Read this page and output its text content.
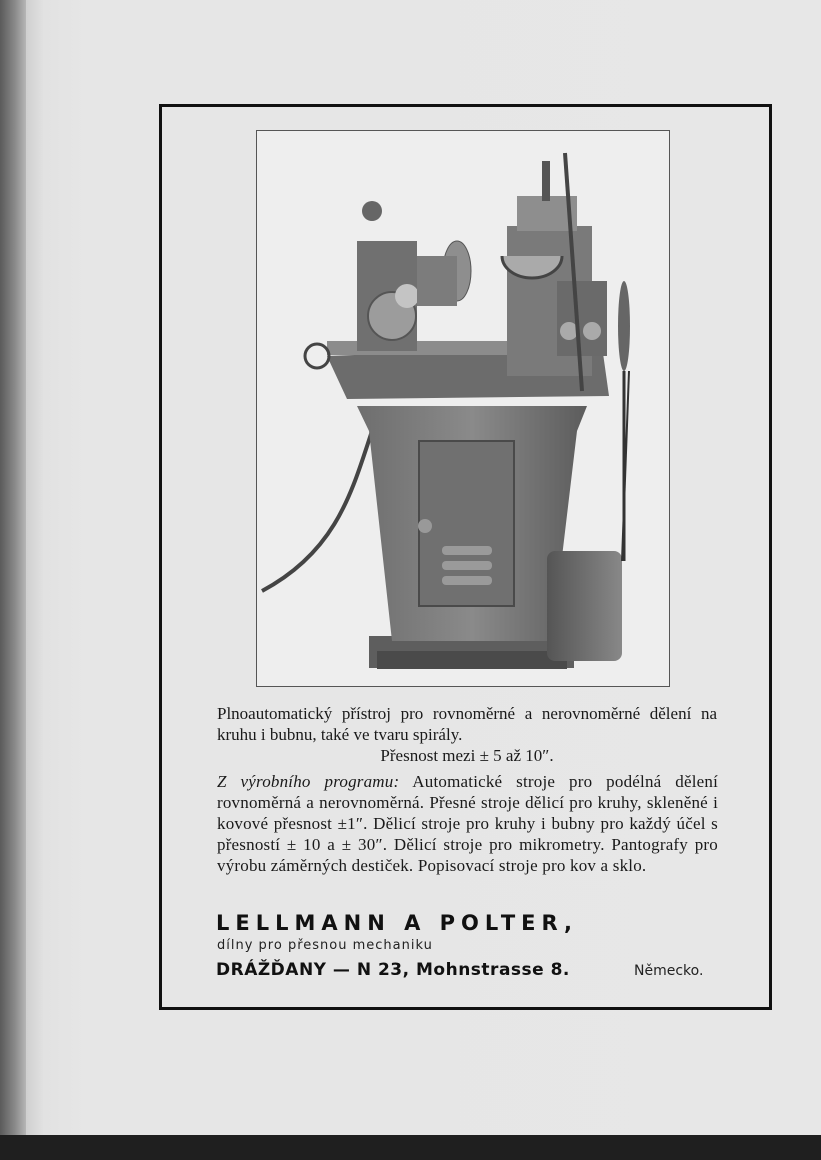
Plnoautomatický přístroj pro rovnoměrné a nerovnoměrné dělení na kruhu i bubnu, také ve tvaru spirály.
Přesnost mezi ± 5 až 10″.
Z výrobního programu: Automatické stroje pro podélná dělení rovnoměrná a nerovnoměrná. Přesné stroje dělicí pro kruhy, skleněné i kovové přesnost ±1″. Dělicí stroje pro kruhy i bubny pro každý účel s přesností ± 10 a ± 30″. Dělicí stroje pro mikrometry. Pantografy pro výrobu záměrných destiček. Popisovací stroje pro kov a sklo.
LELLMANN A POLTER,
dílny pro přesnou mechaniku
DRÁŽĎANY — N 23, Mohnstrasse 8.	Německo.
